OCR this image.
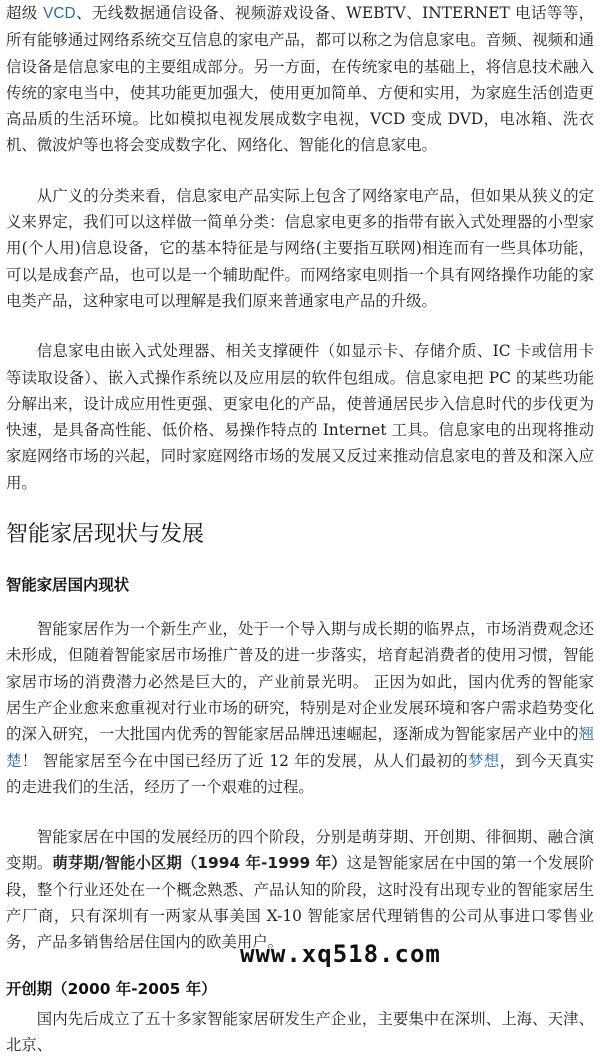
超级 VCD、无线数据通信设备、视频游戏设备、WEBTV、INTERNET 电话等等，所有能够通过网络系统交互信息的家电产品，都可以称之为信息家电。音频、视频和通信设备是信息家电的主要组成部分。另一方面，在传统家电的基础上，将信息技术融入传统的家电当中，使其功能更加强大，使用更加简单、方便和实用，为家庭生活创造更高品质的生活环境。比如模拟电视发展成数字电视，VCD 变成 DVD，电冰箱、洗衣机、微波炉等也将会变成数字化、网络化、智能化的信息家电。

从广义的分类来看，信息家电产品实际上包含了网络家电产品，但如果从狭义的定义来界定，我们可以这样做一简单分类：信息家电更多的指带有嵌入式处理器的小型家用(个人用)信息设备，它的基本特征是与网络(主要指互联网)相连而有一些具体功能，可以是成套产品，也可以是一个辅助配件。而网络家电则指一个具有网络操作功能的家电类产品，这种家电可以理解是我们原来普通家电产品的升级。

信息家电由嵌入式处理器、相关支撑硬件（如显示卡、存储介质、IC 卡或信用卡等读取设备）、嵌入式操作系统以及应用层的软件包组成。信息家电把 PC 的某些功能分解出来，设计成应用性更强、更家电化的产品，使普通居民步入信息时代的步伐更为快速，是具备高性能、低价格、易操作特点的 Internet 工具。信息家电的出现将推动家庭网络市场的兴起，同时家庭网络市场的发展又反过来推动信息家电的普及和深入应用。

智能家居现状与发展
智能家居国内现状

智能家居作为一个新生产业，处于一个导入期与成长期的临界点，市场消费观念还未形成，但随着智能家居市场推广普及的进一步落实，培育起消费者的使用习惯，智能家居市场的消费潜力必然是巨大的，产业前景光明。 正因为如此，国内优秀的智能家居生产企业愈来愈重视对行业市场的研究，特别是对企业发展环境和客户需求趋势变化的深入研究，一大批国内优秀的智能家居品牌迅速崛起，逐渐成为智能家居产业中的翘楚！ 智能家居至今在中国已经历了近 12 年的发展，从人们最初的梦想，到今天真实的走进我们的生活，经历了一个艰难的过程。

智能家居在中国的发展经历的四个阶段，分别是萌芽期、开创期、徘徊期、融合演变期。萌芽期/智能小区期（1994 年-1999 年）这是智能家居在中国的第一个发展阶段，整个行业还处在一个概念熟悉、产品认知的阶段，这时没有出现专业的智能家居生产厂商，只有深圳有一两家从事美国 X-10 智能家居代理销售的公司从事进口零售业务，产品多销售给居住国内的欧美用户。

开创期（2000 年-2005 年）

国内先后成立了五十多家智能家居研发生产企业，主要集中在深圳、上海、天津、北京、

www.xq518.com
